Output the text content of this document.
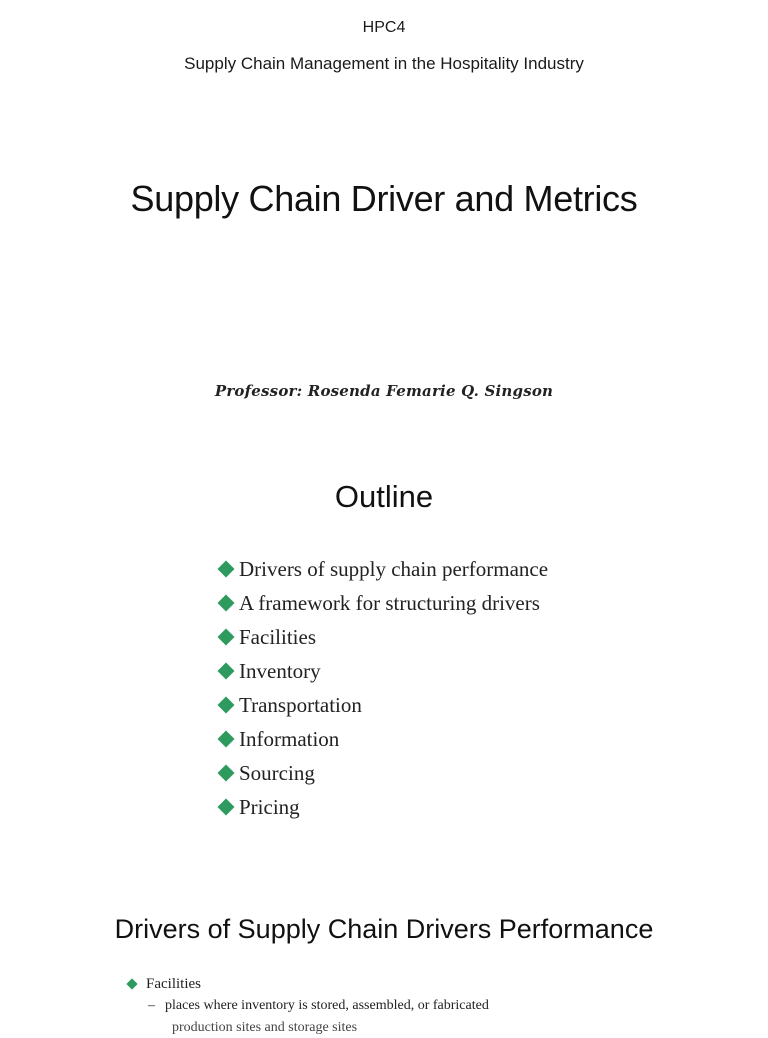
HPC4
Supply Chain Management in the Hospitality Industry
Supply Chain Driver and Metrics
Professor: Rosenda Femarie Q. Singson
Outline
Drivers of supply chain performance
A framework for structuring drivers
Facilities
Inventory
Transportation
Information
Sourcing
Pricing
Drivers of Supply Chain Drivers Performance
Facilities
– places where inventory is stored, assembled, or fabricated
production sites and storage sites
